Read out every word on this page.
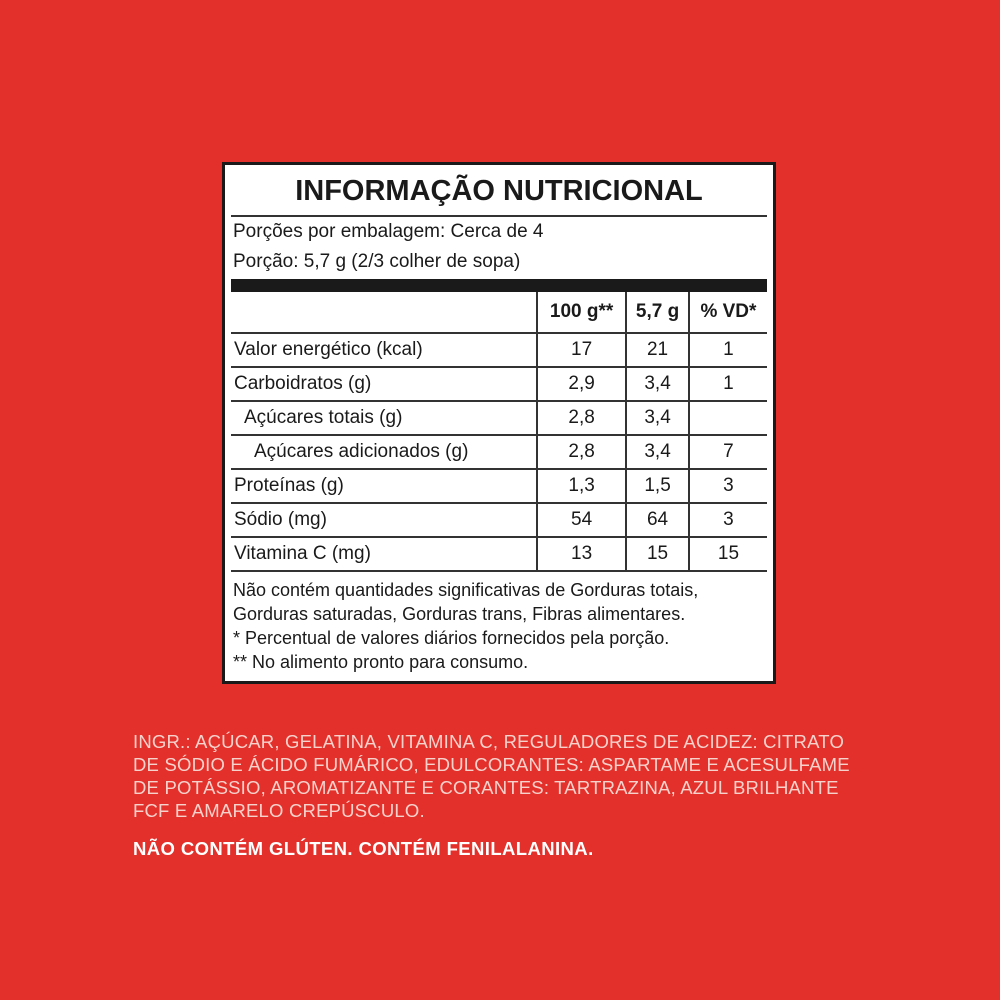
INFORMAÇÃO NUTRICIONAL
Porções por embalagem: Cerca de 4
Porção: 5,7 g (2/3 colher de sopa)
	100 g**	5,7 g	% VD*
Valor energético (kcal)	17	21	1
Carboidratos (g)	2,9	3,4	1
Açúcares totais (g)	2,8	3,4	
Açúcares adicionados (g)	2,8	3,4	7
Proteínas (g)	1,3	1,5	3
Sódio (mg)	54	64	3
Vitamina C (mg)	13	15	15
Não contém quantidades significativas de Gorduras totais, Gorduras saturadas, Gorduras trans, Fibras alimentares.
* Percentual de valores diários fornecidos pela porção.
** No alimento pronto para consumo.
INGR.: AÇÚCAR, GELATINA, VITAMINA C, REGULADORES DE ACIDEZ: CITRATO DE SÓDIO E ÁCIDO FUMÁRICO, EDULCORANTES: ASPARTAME E ACESULFAME DE POTÁSSIO, AROMATIZANTE E CORANTES: TARTRAZINA, AZUL BRILHANTE FCF E AMARELO CREPÚSCULO.
NÃO CONTÉM GLÚTEN. CONTÉM FENILALANINA.
